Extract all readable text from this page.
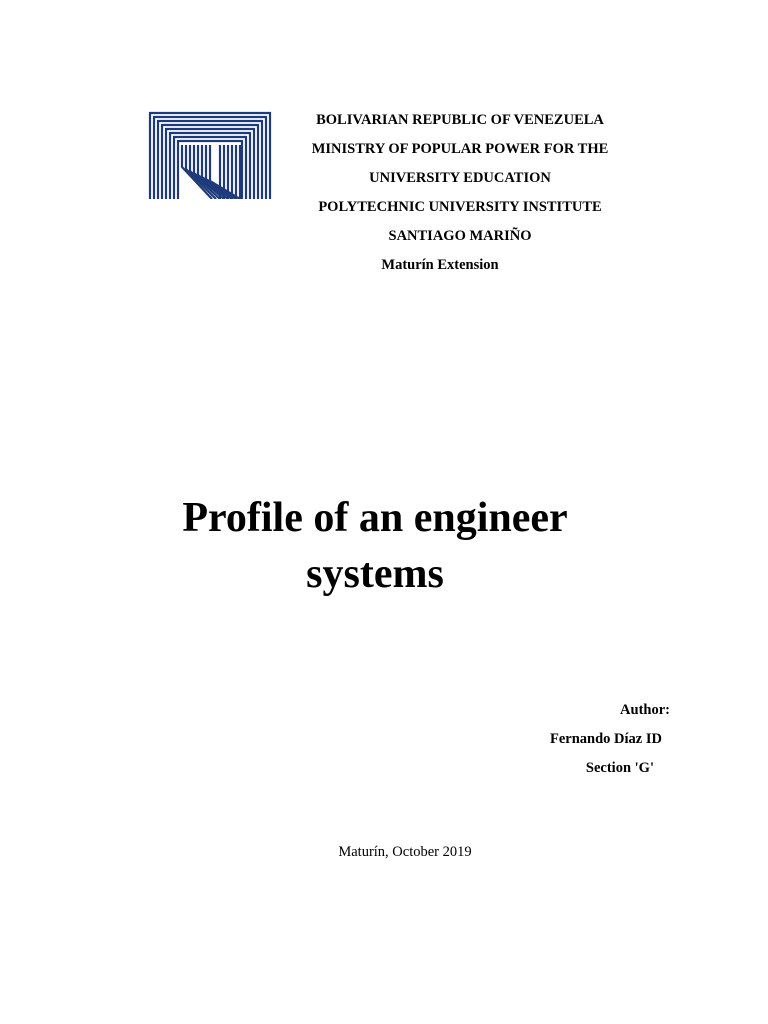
BOLIVARIAN REPUBLIC OF VENEZUELA
MINISTRY OF POPULAR POWER FOR THE
UNIVERSITY EDUCATION
POLYTECHNIC UNIVERSITY INSTITUTE
SANTIAGO MARIÑO
Maturín Extension
Profile of an engineer
systems
Author:
Fernando Díaz ID
Section 'G'
Maturín, October 2019
